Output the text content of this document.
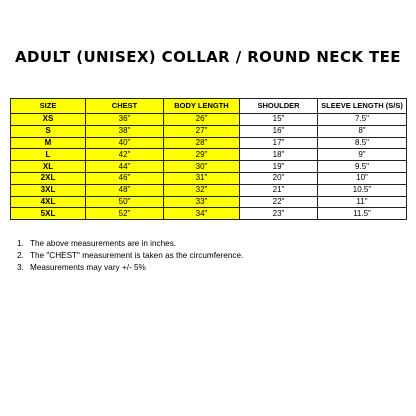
ADULT (UNISEX) COLLAR / ROUND NECK TEE
SIZE	CHEST	BODY LENGTH	SHOULDER	SLEEVE LENGTH (S/S)
XS	36"	26"	15"	7.5"
S	38"	27"	16"	8"
M	40"	28"	17"	8.5"
L	42"	29"	18"	9"
XL	44"	30"	19"	9.5"
2XL	46"	31"	20"	10"
3XL	48"	32"	21"	10.5"
4XL	50"	33"	22"	11"
5XL	52"	34"	23"	11.5"
1. The above measurements are in inches.
2. The "CHEST" measurement is taken as the circumference.
3. Measurements may vary +/- 5%
